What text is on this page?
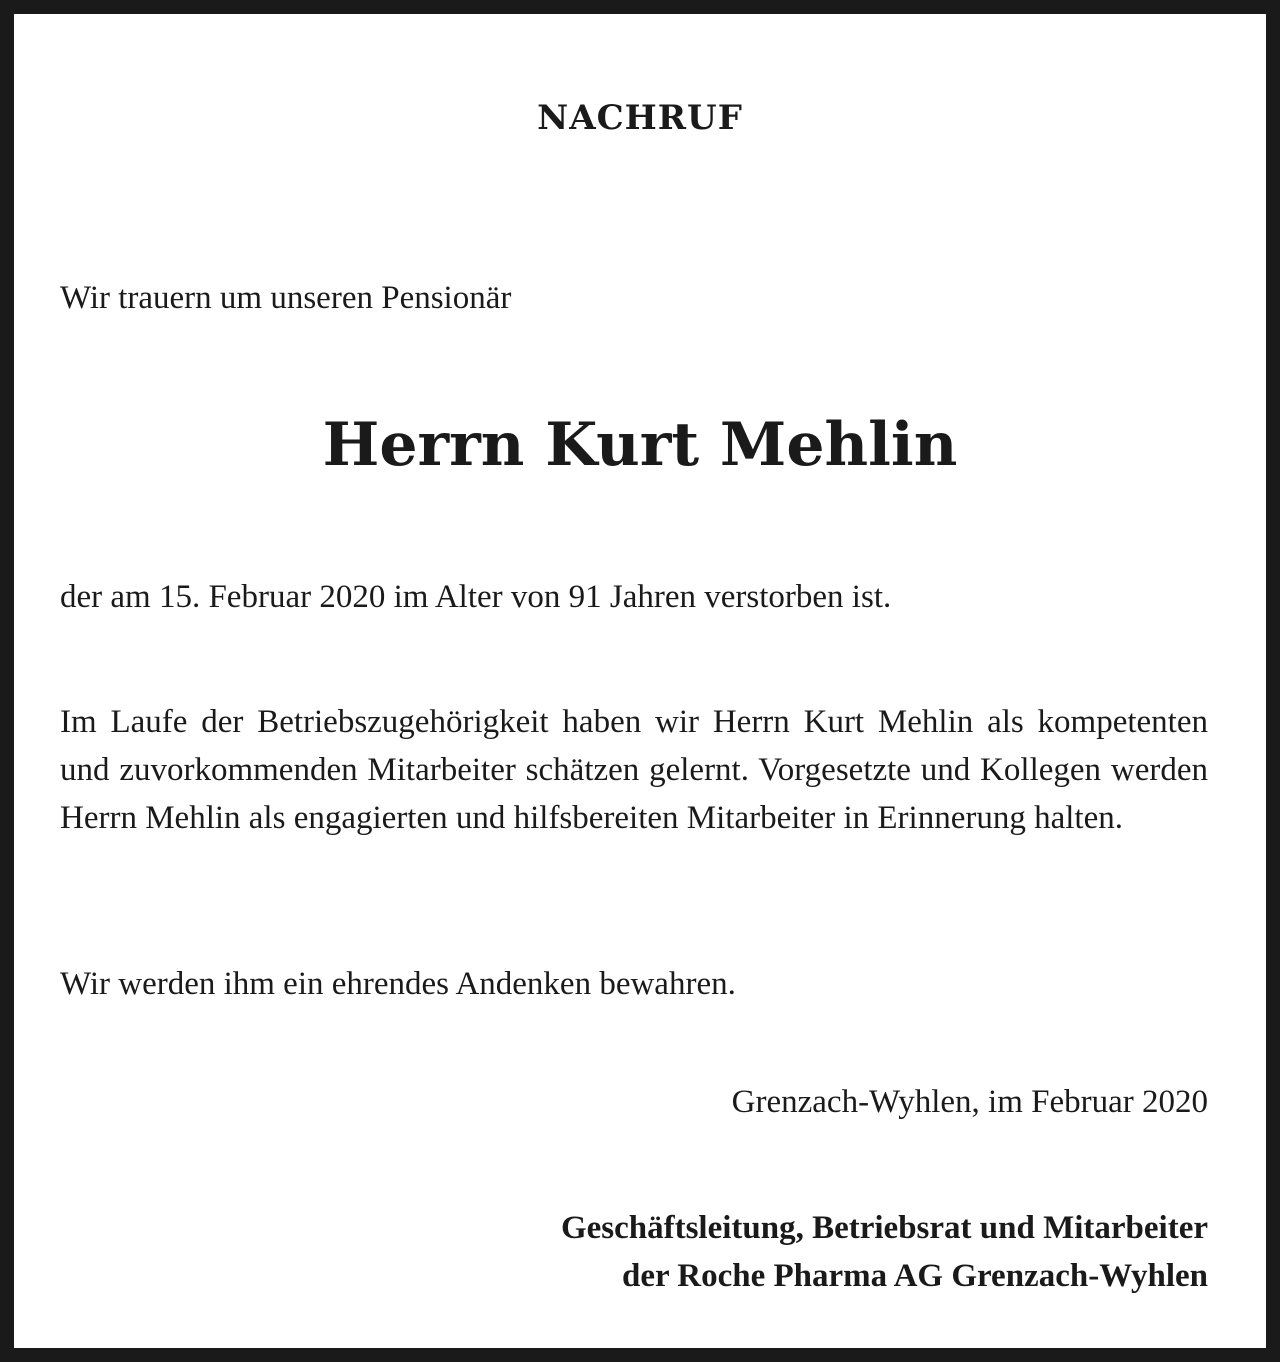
NACHRUF
Wir trauern um unseren Pensionär
Herrn Kurt Mehlin
der am 15. Februar 2020 im Alter von 91 Jahren verstorben ist.
Im Laufe der Betriebszugehörigkeit haben wir Herrn Kurt Mehlin als kompetenten und zuvorkommenden Mitarbeiter schätzen gelernt. Vorgesetzte und Kollegen werden Herrn Mehlin als engagierten und hilfsbereiten Mitarbeiter in Erinnerung halten.
Wir werden ihm ein ehrendes Andenken bewahren.
Grenzach-Wyhlen, im Februar 2020
Geschäftsleitung, Betriebsrat und Mitarbeiter
der Roche Pharma AG Grenzach-Wyhlen
